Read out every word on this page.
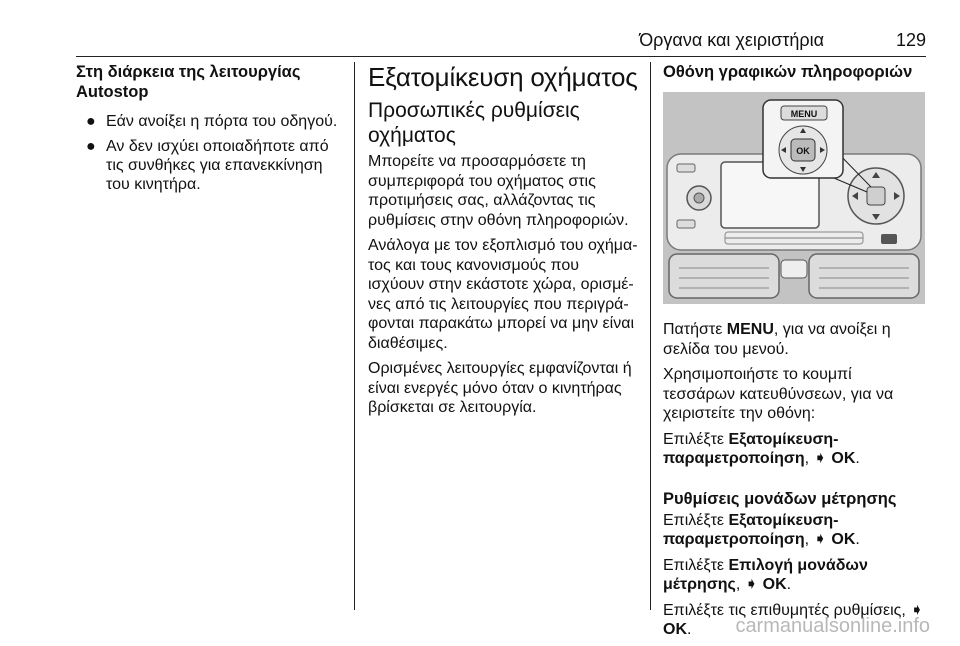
Όργανα και χειριστήρια	129
Στη διάρκεια της λειτουργίας Autostop
● Εάν ανοίξει η πόρτα του οδηγού.
● Αν δεν ισχύει οποιαδήποτε από τις συνθήκες για επανεκκίνηση του κινητήρα.
Εξατομίκευση οχήματος
Προσωπικές ρυθμίσεις οχήματος
Μπορείτε να προσαρμόσετε τη συμπεριφορά του οχήματος στις προτιμήσεις σας, αλλάζοντας τις ρυθμίσεις στην οθόνη πληροφοριών.
Ανάλογα με τον εξοπλισμό του οχήματος και τους κανονισμούς που ισχύουν στην εκάστοτε χώρα, ορισμένες από τις λειτουργίες που περιγράφονται παρακάτω μπορεί να μην είναι διαθέσιμες.
Ορισμένες λειτουργίες εμφανίζονται ή είναι ενεργές μόνο όταν ο κινητήρας βρίσκεται σε λειτουργία.
Οθόνη γραφικών πληροφοριών
MENU
OK
Πατήστε MENU, για να ανοίξει η σελίδα του μενού.
Χρησιμοποιήστε το κουμπί τεσσάρων κατευθύνσεων, για να χειριστείτε την οθόνη:
Επιλέξτε Εξατομίκευση-παραμετροποίηση, ➧ OK.
Ρυθμίσεις μονάδων μέτρησης
Επιλέξτε Εξατομίκευση-παραμετροποίηση, ➧ OK.
Επιλέξτε Επιλογή μονάδων μέτρησης, ➧ OK.
Επιλέξτε τις επιθυμητές ρυθμίσεις, ➧ OK.	carmanualsonline.info
